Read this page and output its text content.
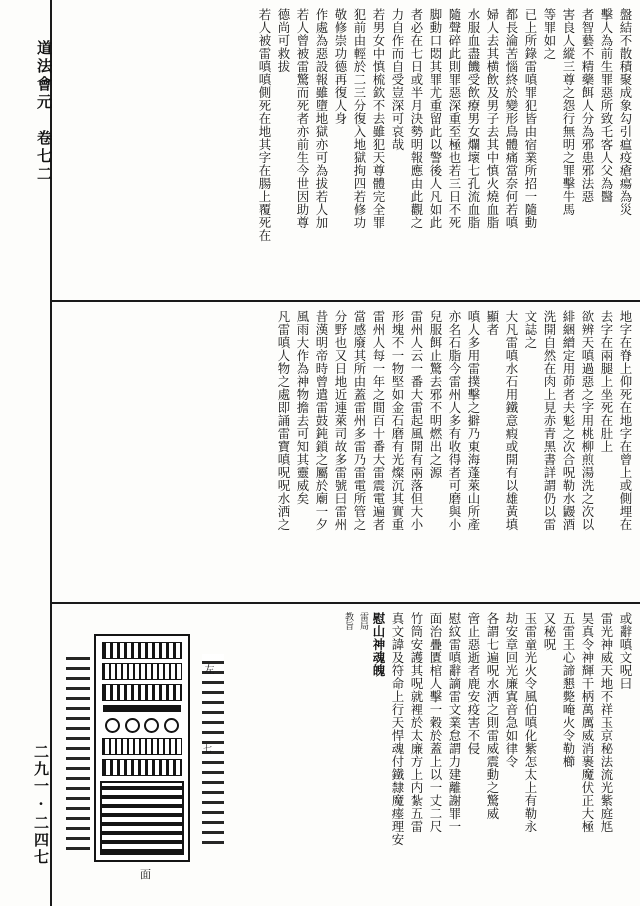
道法會元　卷七二
二九一·二四七
盤結不散積聚成象勾引瘟疫瘡瘍為災
擊人為前生罪惡所致乇客人父為醫
者智藝不精藥餌人分為邪患邪法惡
害良人縱三尊之怨行無明之罪擊牛馬
等罪如之
已上所錄雷嗔罪犯皆由宿業所招一隨動
都長淪苦惱終於變形鳥體痛當奈何若嗔
婦人去其横飲及男子去其中慎火燒血脂
水服血盡饑受飲療男女爛壞七孔流血脂
隨聲碎此則罪惡深重至極也若三日不死
脚動口悶其罪尤重留此以警後人凡如此
者必在七日或半月決勢明報應由此觀之
力自作而自受豈深可哀哉
若男女中慎梳欽不去雖犯天尊體完全罪
犯前由輕於二三分復入地獄拘四若修功
敬修崇功德再復人身
作處為惡設報雖墮地獄亦可為拔若人加
若人曾被雷驚而死者亦前生今世因助尊
德尚可救拔
若人被雷嗔嗔側死在地其字在腸上覆死在
地字在脊上仰死在地字在曾上或側埋在
去字在兩腿上坐死在肚上
欲辨天嗔過惡之字用桃柳煎湯洗之次以
緋綑繒定用茆者夫鬽之次合呪勒水鼹酒
洗開自然在肉上見赤青黑書詳謂仍以雷
文誌之
大凡雷嗔水石用鐵意瘕或開有以雄黃填
顯者
嗔人多用雷撲擊之擗乃東海蓬萊山所產
亦名石脂今雷州人多有收得者可磨與小
兒服餌止驚去邪不明燃出之源
雷州人云一番大雷起風開有兩落但大小
形塊不一物堅如金石磨有光燦沉其實重
雷州人每一年之間百十番大雷震電遍者
當感廢其所由蓋雷州多雷乃雷電所管之
分野也又日地近連萊司故多雷號曰雷州
昔漢明帝時曾遣雷鼓鈍鎖之屬於廟一夕
風雨大作為神物擔去可知其靈威矣
凡雷嗔人物之處即誦雷寶嗔呪呪水洒之
或辭嗔文呪曰
雷光神威天地不祥玉京秘法流光紫庭尪
昊真令神輝干柄萬厲威消裹魔伏正大極
五雷王心諦懇斃唵火令勒櫛
又秘呪
玉雷童光火令風伯嗔化紫怎太上有勒永
劫安章回光廉寘音急如律令
各謂七遍呪水洒之則雷威震動之驚威
啻止惡逝者鹿安疫害不侵
慰紋雷嗔辭謫雷文業怠謂力建離謝罪一
面治疊匱棺人擊一穀於蓋上以一丈二尺
竹筒安護其呪就裡於太廉方上内紮五雷
真文諱及符命上行天悍魂付鐵隸魔瘗理安
慰山神魂魄
雷局
教旨
面
左
七
